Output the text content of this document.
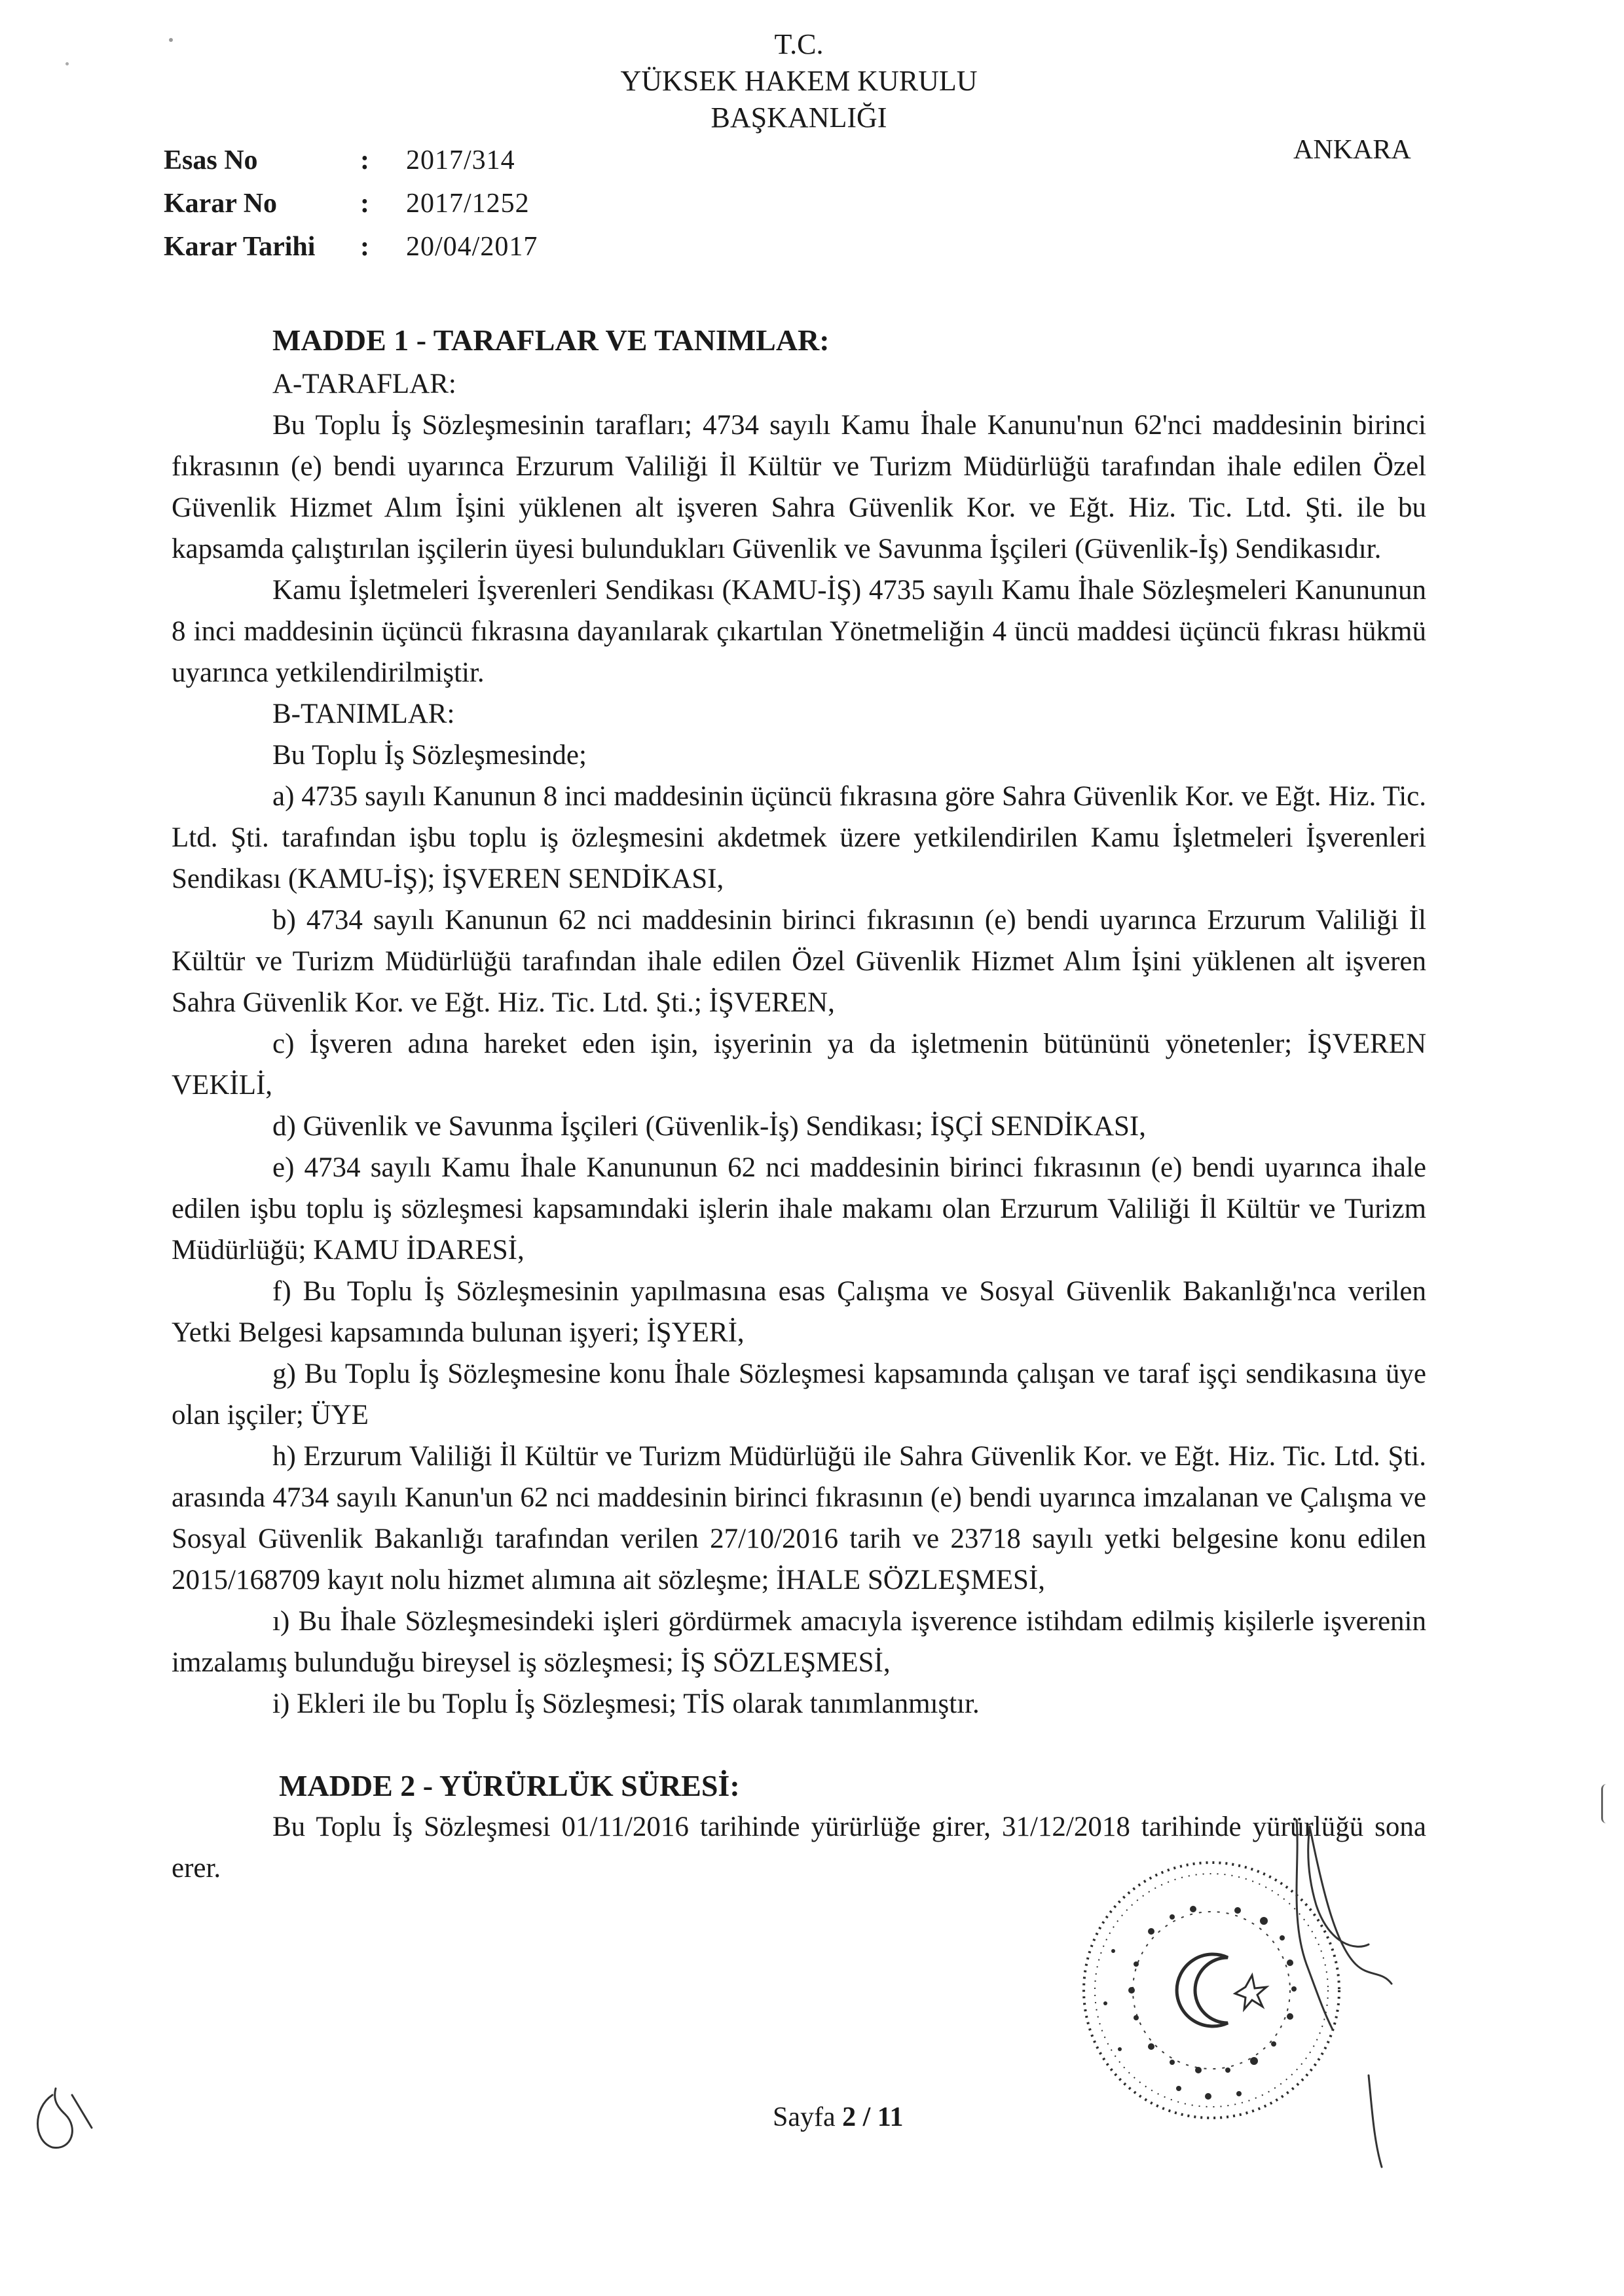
T.C.
YÜKSEK HAKEM KURULU
BAŞKANLIĞI
ANKARA
Esas No	:	2017/314
Karar No	:	2017/1252
Karar Tarihi	:	20/04/2017
MADDE 1 - TARAFLAR VE TANIMLAR:
A-TARAFLAR:
Bu Toplu İş Sözleşmesinin tarafları; 4734 sayılı Kamu İhale Kanunu'nun 62'nci maddesinin birinci fıkrasının (e) bendi uyarınca Erzurum Valiliği İl Kültür ve Turizm Müdürlüğü tarafından ihale edilen Özel Güvenlik Hizmet Alım İşini yüklenen alt işveren Sahra Güvenlik Kor. ve Eğt. Hiz. Tic. Ltd. Şti. ile bu kapsamda çalıştırılan işçilerin üyesi bulundukları Güvenlik ve Savunma İşçileri (Güvenlik-İş) Sendikasıdır.
Kamu İşletmeleri İşverenleri Sendikası (KAMU-İŞ) 4735 sayılı Kamu İhale Sözleşmeleri Kanununun 8 inci maddesinin üçüncü fıkrasına dayanılarak çıkartılan Yönetmeliğin 4 üncü maddesi üçüncü fıkrası hükmü uyarınca yetkilendirilmiştir.
B-TANIMLAR:
Bu Toplu İş Sözleşmesinde;
a) 4735 sayılı Kanunun 8 inci maddesinin üçüncü fıkrasına göre Sahra Güvenlik Kor. ve Eğt. Hiz. Tic. Ltd. Şti. tarafından işbu toplu iş özleşmesini akdetmek üzere yetkilendirilen Kamu İşletmeleri İşverenleri Sendikası (KAMU-İŞ); İŞVEREN SENDİKASI,
b) 4734 sayılı Kanunun 62 nci maddesinin birinci fıkrasının (e) bendi uyarınca Erzurum Valiliği İl Kültür ve Turizm Müdürlüğü tarafından ihale edilen Özel Güvenlik Hizmet Alım İşini yüklenen alt işveren Sahra Güvenlik Kor. ve Eğt. Hiz. Tic. Ltd. Şti.; İŞVEREN,
c) İşveren adına hareket eden işin, işyerinin ya da işletmenin bütününü yönetenler; İŞVEREN VEKİLİ,
d) Güvenlik ve Savunma İşçileri (Güvenlik-İş) Sendikası; İŞÇİ SENDİKASI,
e) 4734 sayılı Kamu İhale Kanununun 62 nci maddesinin birinci fıkrasının (e) bendi uyarınca ihale edilen işbu toplu iş sözleşmesi kapsamındaki işlerin ihale makamı olan Erzurum Valiliği İl Kültür ve Turizm Müdürlüğü; KAMU İDARESİ,
f) Bu Toplu İş Sözleşmesinin yapılmasına esas Çalışma ve Sosyal Güvenlik Bakanlığı'nca verilen Yetki Belgesi kapsamında bulunan işyeri; İŞYERİ,
g) Bu Toplu İş Sözleşmesine konu İhale Sözleşmesi kapsamında çalışan ve taraf işçi sendikasına üye olan işçiler; ÜYE
h) Erzurum Valiliği İl Kültür ve Turizm Müdürlüğü ile Sahra Güvenlik Kor. ve Eğt. Hiz. Tic. Ltd. Şti. arasında 4734 sayılı Kanun'un 62 nci maddesinin birinci fıkrasının (e) bendi uyarınca imzalanan ve Çalışma ve Sosyal Güvenlik Bakanlığı tarafından verilen 27/10/2016 tarih ve 23718 sayılı yetki belgesine konu edilen 2015/168709 kayıt nolu hizmet alımına ait sözleşme; İHALE SÖZLEŞMESİ,
ı) Bu İhale Sözleşmesindeki işleri gördürmek amacıyla işverence istihdam edilmiş kişilerle işverenin imzalamış bulunduğu bireysel iş sözleşmesi; İŞ SÖZLEŞMESİ,
i) Ekleri ile bu Toplu İş Sözleşmesi; TİS olarak tanımlanmıştır.
MADDE 2 - YÜRÜRLÜK SÜRESİ:
Bu Toplu İş Sözleşmesi 01/11/2016 tarihinde yürürlüğe girer, 31/12/2018 tarihinde yürürlüğü sona erer.
Sayfa 2 / 11
